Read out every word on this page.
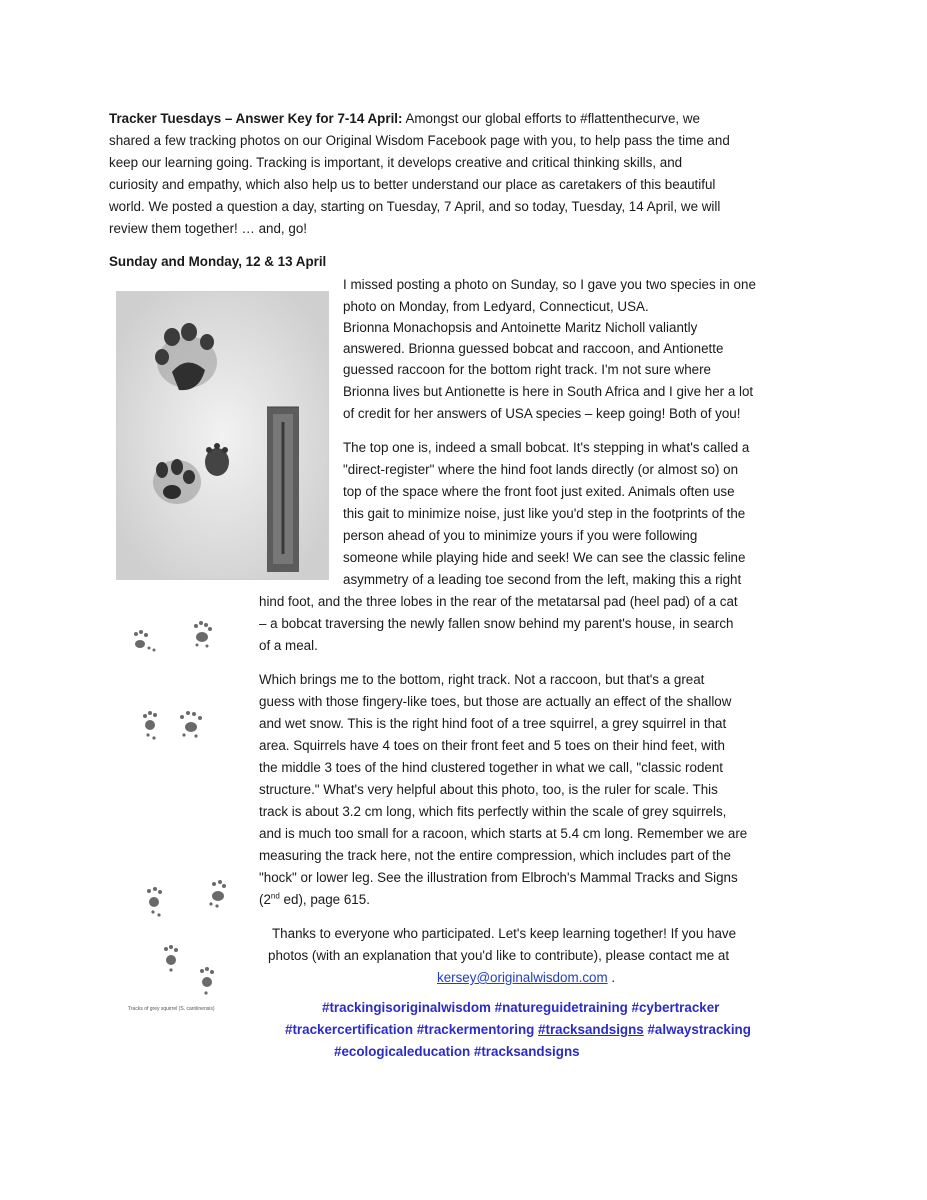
Tracker Tuesdays – Answer Key for 7-14 April: Amongst our global efforts to #flattenthecurve, we
shared a few tracking photos on our Original Wisdom Facebook page with you, to help pass the time and
keep our learning going. Tracking is important, it develops creative and critical thinking skills, and
curiosity and empathy, which also help us to better understand our place as caretakers of this beautiful
world. We posted a question a day, starting on Tuesday, 7 April, and so today, Tuesday, 14 April, we will
review them together! … and, go!
Sunday and Monday, 12 & 13 April
I missed posting a photo on Sunday, so I gave you two species in one
photo on Monday, from Ledyard, Connecticut, USA.
Brionna Monachopsis and Antoinette Maritz Nicholl valiantly
answered. Brionna guessed bobcat and raccoon, and Antionette
guessed raccoon for the bottom right track. I'm not sure where
Brionna lives but Antionette is here in South Africa and I give her a lot
of credit for her answers of USA species – keep going! Both of you!
The top one is, indeed a small bobcat. It's stepping in what's called a
"direct-register" where the hind foot lands directly (or almost so) on
top of the space where the front foot just exited. Animals often use
this gait to minimize noise, just like you'd step in the footprints of the
person ahead of you to minimize yours if you were following
someone while playing hide and seek! We can see the classic feline
asymmetry of a leading toe second from the left, making this a right
hind foot, and the three lobes in the rear of the metatarsal pad (heel pad) of a cat
– a bobcat traversing the newly fallen snow behind my parent's house, in search
of a meal.
Which brings me to the bottom, right track. Not a raccoon, but that's a great
guess with those fingery-like toes, but those are actually an effect of the shallow
and wet snow. This is the right hind foot of a tree squirrel, a grey squirrel in that
area. Squirrels have 4 toes on their front feet and 5 toes on their hind feet, with
the middle 3 toes of the hind clustered together in what we call, "classic rodent
structure." What's very helpful about this photo, too, is the ruler for scale. This
track is about 3.2 cm long, which fits perfectly within the scale of grey squirrels,
and is much too small for a racoon, which starts at 5.4 cm long. Remember we are
measuring the track here, not the entire compression, which includes part of the
"hock" or lower leg. See the illustration from Elbroch's Mammal Tracks and Signs
(2nd ed), page 615.
Thanks to everyone who participated. Let's keep learning together! If you have
photos (with an explanation that you'd like to contribute), please contact me at
kersey@originalwisdom.com .
#trackingisoriginalwisdom #natureguidetraining #cybertracker
#trackercertification #trackermentoring #tracksandsigns #alwaystracking
#ecologicaleducation #tracksandsigns
Tracks of grey squirrel (S. carolinensis)
